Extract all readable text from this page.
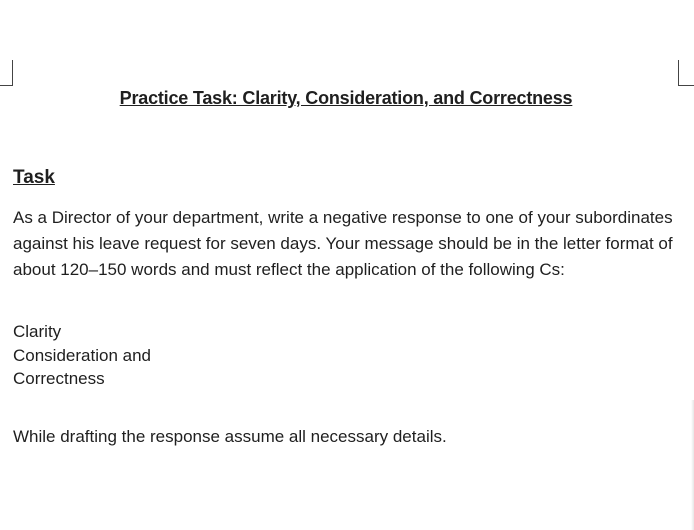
Practice Task: Clarity, Consideration, and Correctness
Task

As a Director of your department, write a negative response to one of your subordinates against his leave request for seven days. Your message should be in the letter format of about 120–150 words and must reflect the application of the following Cs:

Clarity
Consideration and
Correctness

While drafting the response assume all necessary details.
